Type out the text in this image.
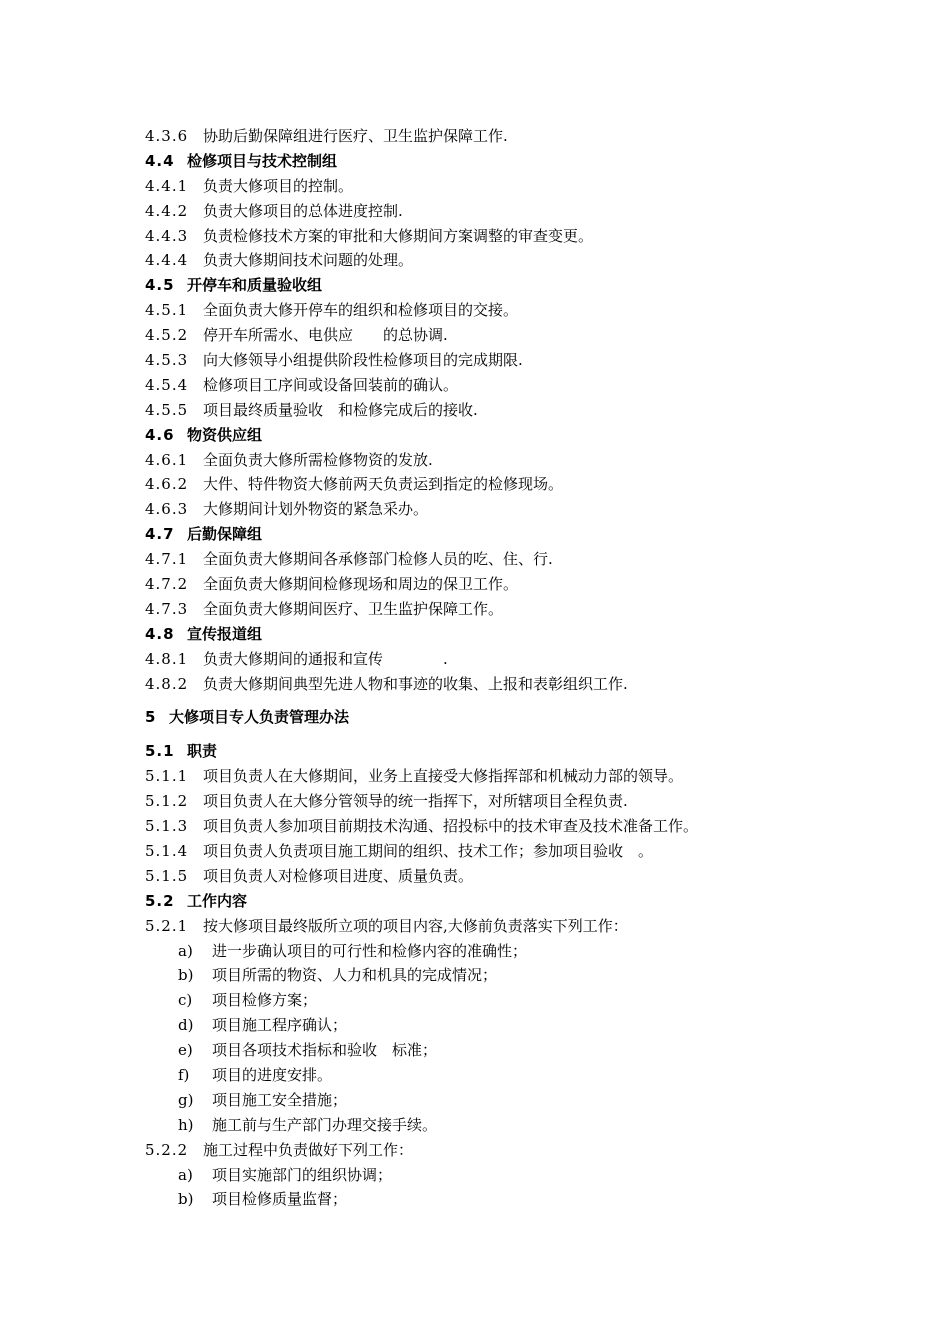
4.3.6 协助后勤保障组进行医疗、卫生监护保障工作.
4.4 检修项目与技术控制组
4.4.1 负责大修项目的控制。
4.4.2 负责大修项目的总体进度控制.
4.4.3 负责检修技术方案的审批和大修期间方案调整的审查变更。
4.4.4 负责大修期间技术问题的处理。
4.5 开停车和质量验收组
4.5.1 全面负责大修开停车的组织和检修项目的交接。
4.5.2 停开车所需水、电供应　　的总协调.
4.5.3 向大修领导小组提供阶段性检修项目的完成期限.
4.5.4 检修项目工序间或设备回装前的确认。
4.5.5 项目最终质量验收　和检修完成后的接收.
4.6 物资供应组
4.6.1 全面负责大修所需检修物资的发放.
4.6.2 大件、特件物资大修前两天负责运到指定的检修现场。
4.6.3 大修期间计划外物资的紧急采办。
4.7 后勤保障组
4.7.1 全面负责大修期间各承修部门检修人员的吃、住、行.
4.7.2 全面负责大修期间检修现场和周边的保卫工作。
4.7.3 全面负责大修期间医疗、卫生监护保障工作。
4.8 宣传报道组
4.8.1 负责大修期间的通报和宣传　　　　.
4.8.2 负责大修期间典型先进人物和事迹的收集、上报和表彰组织工作.
5 大修项目专人负责管理办法
5.1 职责
5.1.1 项目负责人在大修期间，业务上直接受大修指挥部和机械动力部的领导。
5.1.2 项目负责人在大修分管领导的统一指挥下，对所辖项目全程负责.
5.1.3 项目负责人参加项目前期技术沟通、招投标中的技术审查及技术准备工作。
5.1.4 项目负责人负责项目施工期间的组织、技术工作；参加项目验收　。
5.1.5 项目负责人对检修项目进度、质量负责。
5.2 工作内容
5.2.1 按大修项目最终版所立项的项目内容,大修前负责落实下列工作：
a) 进一步确认项目的可行性和检修内容的准确性；
b) 项目所需的物资、人力和机具的完成情况；
c) 项目检修方案；
d) 项目施工程序确认；
e) 项目各项技术指标和验收　标准；
f) 项目的进度安排。
g) 项目施工安全措施；
h) 施工前与生产部门办理交接手续。
5.2.2 施工过程中负责做好下列工作：
a) 项目实施部门的组织协调；
b) 项目检修质量监督；
